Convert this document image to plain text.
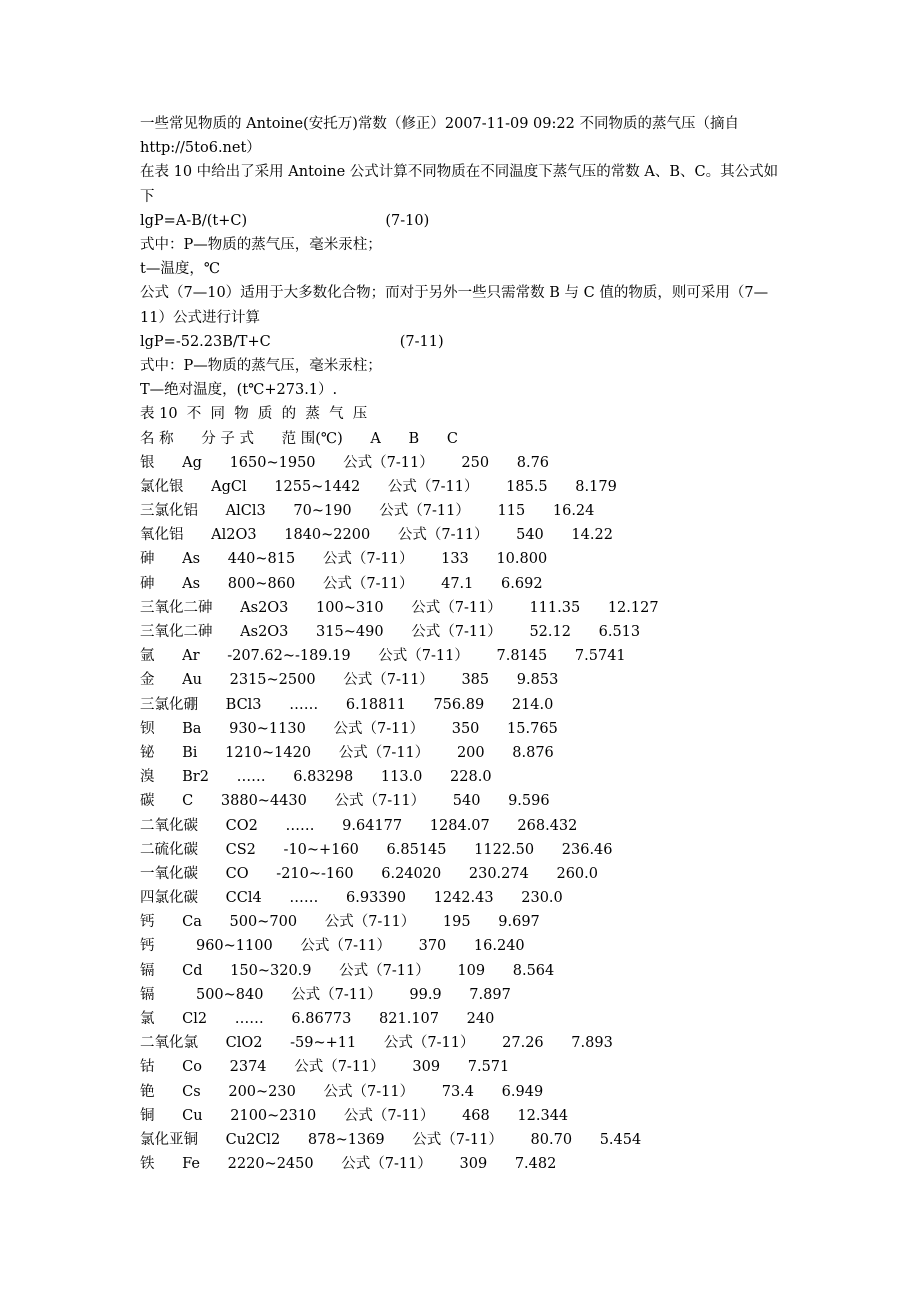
一些常见物质的 Antoine(安托万)常数（修正）2007-11-09 09:22 不同物质的蒸气压（摘自 http://5to6.net）
在表 10 中给出了采用 Antoine 公式计算不同物质在不同温度下蒸气压的常数 A、B、C。其公式如下
lgP=A-B/(t+C)                              (7-10)
式中：P—物质的蒸气压，毫米汞柱；
t—温度，℃
公式（7—10）适用于大多数化合物；而对于另外一些只需常数 B 与 C 值的物质，则可采用（7—11）公式进行计算
lgP=-52.23B/T+C                            (7-11)
式中：P—物质的蒸气压，毫米汞柱；
T—绝对温度，(t℃+273.1）.
表 10  不  同  物  质  的  蒸  气  压
名 称      分 子 式      范 围(℃)      A      B      C
银      Ag      1650~1950      公式（7-11）      250      8.76
氯化银      AgCl      1255~1442      公式（7-11）      185.5      8.179
三氯化铝      AlCl3      70~190      公式（7-11）      115      16.24
氧化铝      Al2O3      1840~2200      公式（7-11）      540      14.22
砷      As      440~815      公式（7-11）      133      10.800
砷      As      800~860      公式（7-11）      47.1      6.692
三氧化二砷      As2O3      100~310      公式（7-11）      111.35      12.127
三氧化二砷      As2O3      315~490      公式（7-11）      52.12      6.513
氩      Ar      -207.62~-189.19      公式（7-11）      7.8145      7.5741
金      Au      2315~2500      公式（7-11）      385      9.853
三氯化硼      BCl3      ……      6.18811      756.89      214.0
钡      Ba      930~1130      公式（7-11）      350      15.765
铋      Bi      1210~1420      公式（7-11）      200      8.876
溴      Br2      ……      6.83298      113.0      228.0
碳      C      3880~4430      公式（7-11）      540      9.596
二氧化碳      CO2      ……      9.64177      1284.07      268.432
二硫化碳      CS2      -10~+160      6.85145      1122.50      236.46
一氧化碳      CO      -210~-160      6.24020      230.274      260.0
四氯化碳      CCl4      ……      6.93390      1242.43      230.0
钙      Ca      500~700      公式（7-11）      195      9.697
钙         960~1100      公式（7-11）      370      16.240
镉      Cd      150~320.9      公式（7-11）      109      8.564
镉         500~840      公式（7-11）      99.9      7.897
氯      Cl2      ……      6.86773      821.107      240
二氧化氯      ClO2      -59~+11      公式（7-11）      27.26      7.893
钴      Co      2374      公式（7-11）      309      7.571
铯      Cs      200~230      公式（7-11）      73.4      6.949
铜      Cu      2100~2310      公式（7-11）      468      12.344
氯化亚铜      Cu2Cl2      878~1369      公式（7-11）      80.70      5.454
铁      Fe      2220~2450      公式（7-11）      309      7.482
